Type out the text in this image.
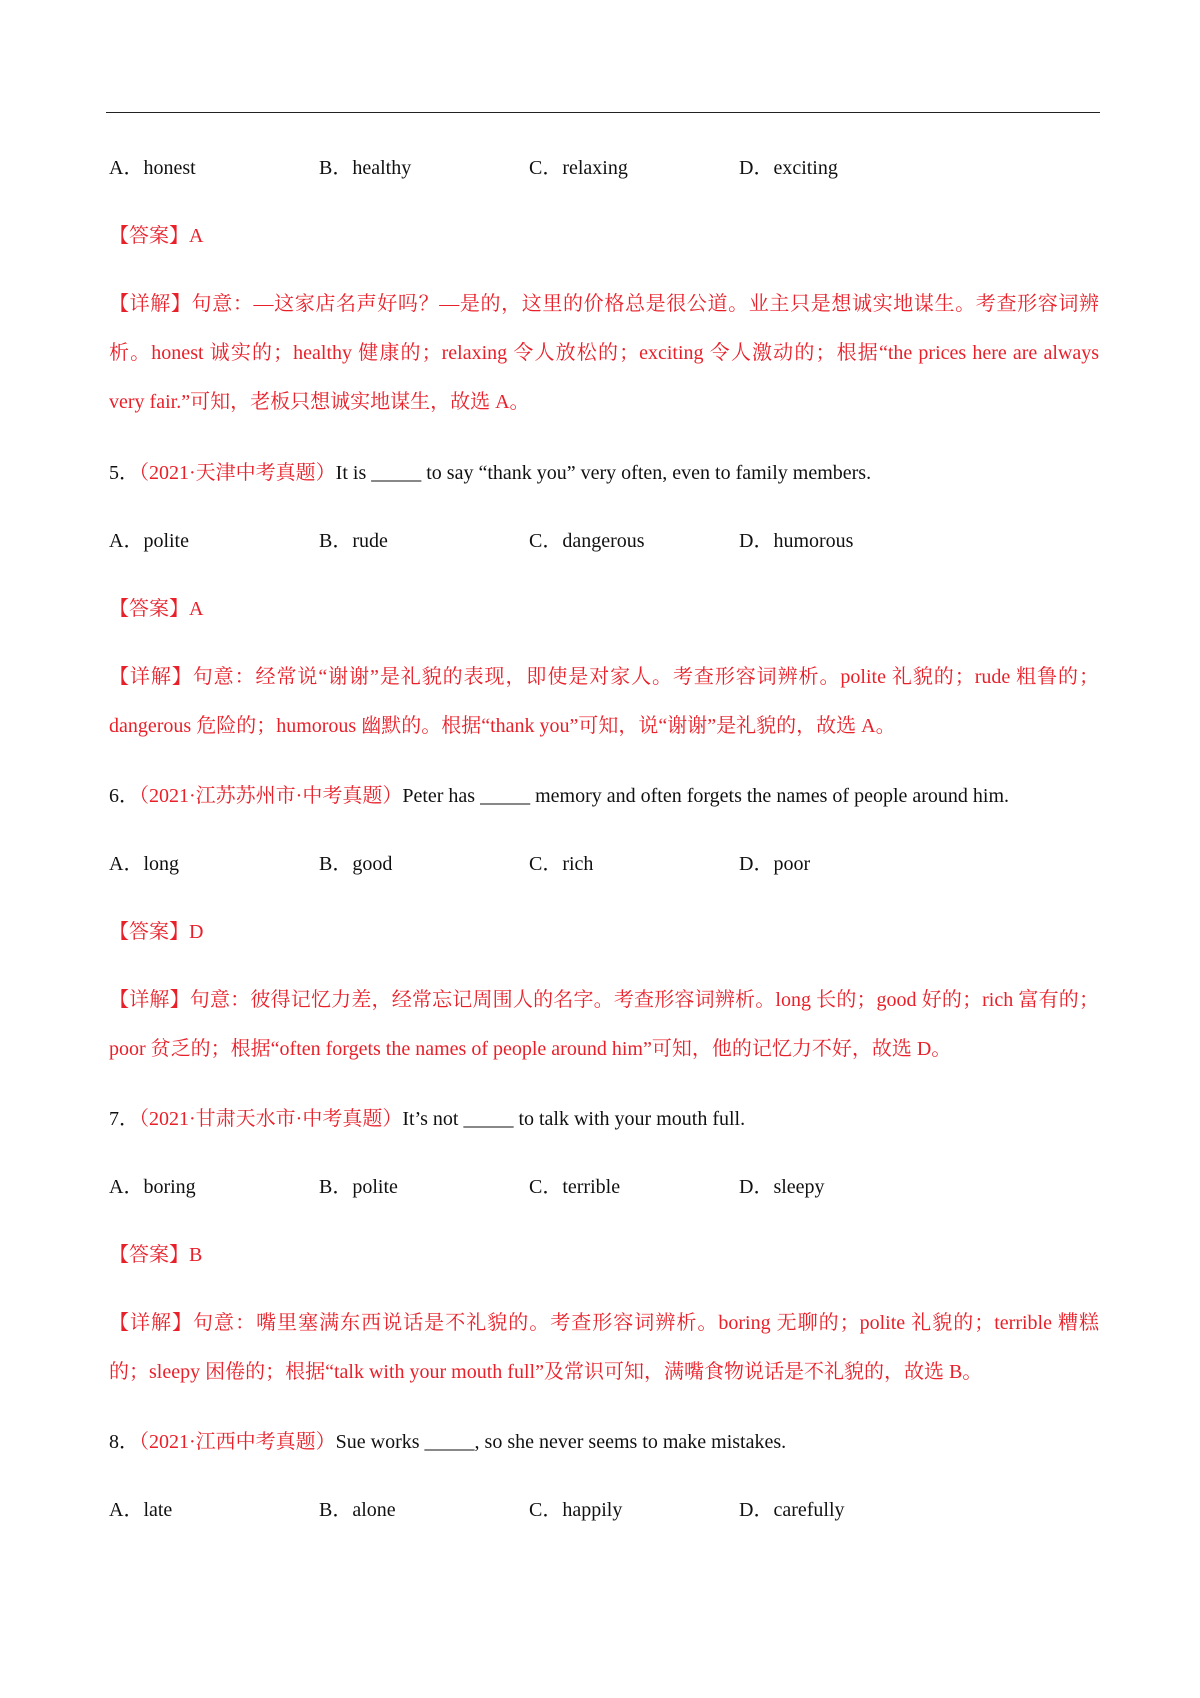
A．honest	B．healthy	C．relaxing	D．exciting
【答案】A
【详解】句意：—这家店名声好吗？—是的，这里的价格总是很公道。业主只是想诚实地谋生。考查形容词辨析。honest 诚实的；healthy 健康的；relaxing 令人放松的；exciting 令人激动的；根据“the prices here are always very fair.”可知，老板只想诚实地谋生，故选 A。
5．（2021·天津中考真题）It is _____ to say “thank you” very often, even to family members.
A．polite	B．rude	C．dangerous	D．humorous
【答案】A
【详解】句意：经常说“谢谢”是礼貌的表现，即使是对家人。考查形容词辨析。polite 礼貌的；rude 粗鲁的；dangerous 危险的；humorous 幽默的。根据“thank you”可知，说“谢谢”是礼貌的，故选 A。
6．（2021·江苏苏州市·中考真题）Peter has _____ memory and often forgets the names of people around him.
A．long	B．good	C．rich	D．poor
【答案】D
【详解】句意：彼得记忆力差，经常忘记周围人的名字。考查形容词辨析。long 长的；good 好的；rich 富有的；poor 贫乏的；根据“often forgets the names of people around him”可知，他的记忆力不好，故选 D。
7．（2021·甘肃天水市·中考真题）It’s not _____ to talk with your mouth full.
A．boring	B．polite	C．terrible	D．sleepy
【答案】B
【详解】句意：嘴里塞满东西说话是不礼貌的。考查形容词辨析。boring 无聊的；polite 礼貌的；terrible 糟糕的；sleepy 困倦的；根据“talk with your mouth full”及常识可知，满嘴食物说话是不礼貌的，故选 B。
8．（2021·江西中考真题）Sue works _____, so she never seems to make mistakes.
A．late	B．alone	C．happily	D．carefully
